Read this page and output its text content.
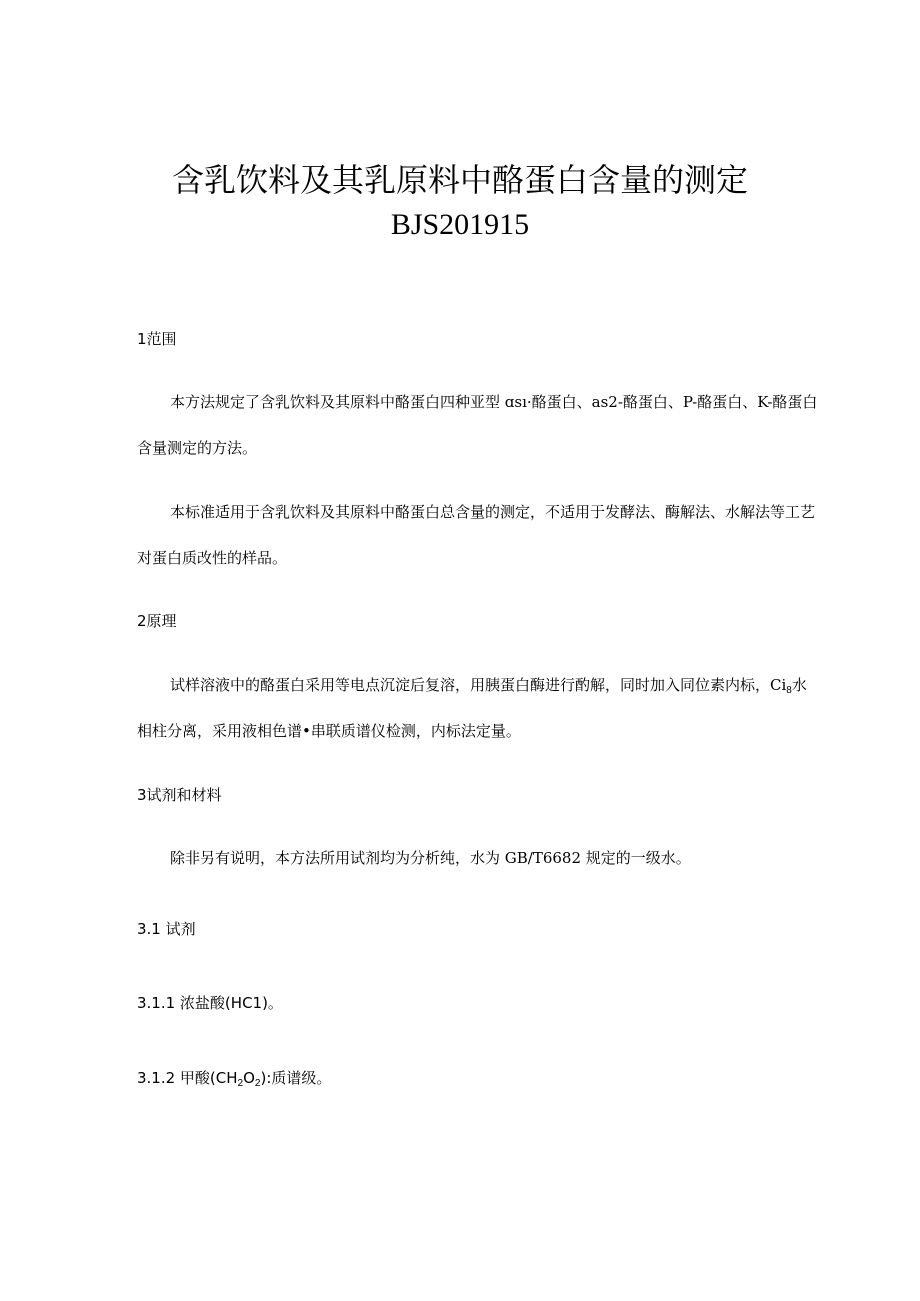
含乳饮料及其乳原料中酪蛋白含量的测定
BJS201915
1范围
本方法规定了含乳饮料及其原料中酪蛋白四种亚型 ɑsı·酪蛋白、as2-酪蛋白、P-酪蛋白、K-酪蛋白
含量测定的方法。
本标准适用于含乳饮料及其原料中酪蛋白总含量的测定，不适用于发酵法、酶解法、水解法等工艺
对蛋白质改性的样品。
2原理
试样溶液中的酪蛋白采用等电点沉淀后复溶，用胰蛋白酶进行酌解，同时加入同位素内标，$Ci_8$水
相柱分离，采用液相色谱•串联质谱仪检测，内标法定量。
3试剂和材料
除非另有说明，本方法所用试剂均为分析纯，水为 GB/T6682 规定的一级水。
3.1 试剂
3.1.1 浓盐酸(HC1)。
3.1.2 甲酸$(CH_2O_2)$:质谱级。
